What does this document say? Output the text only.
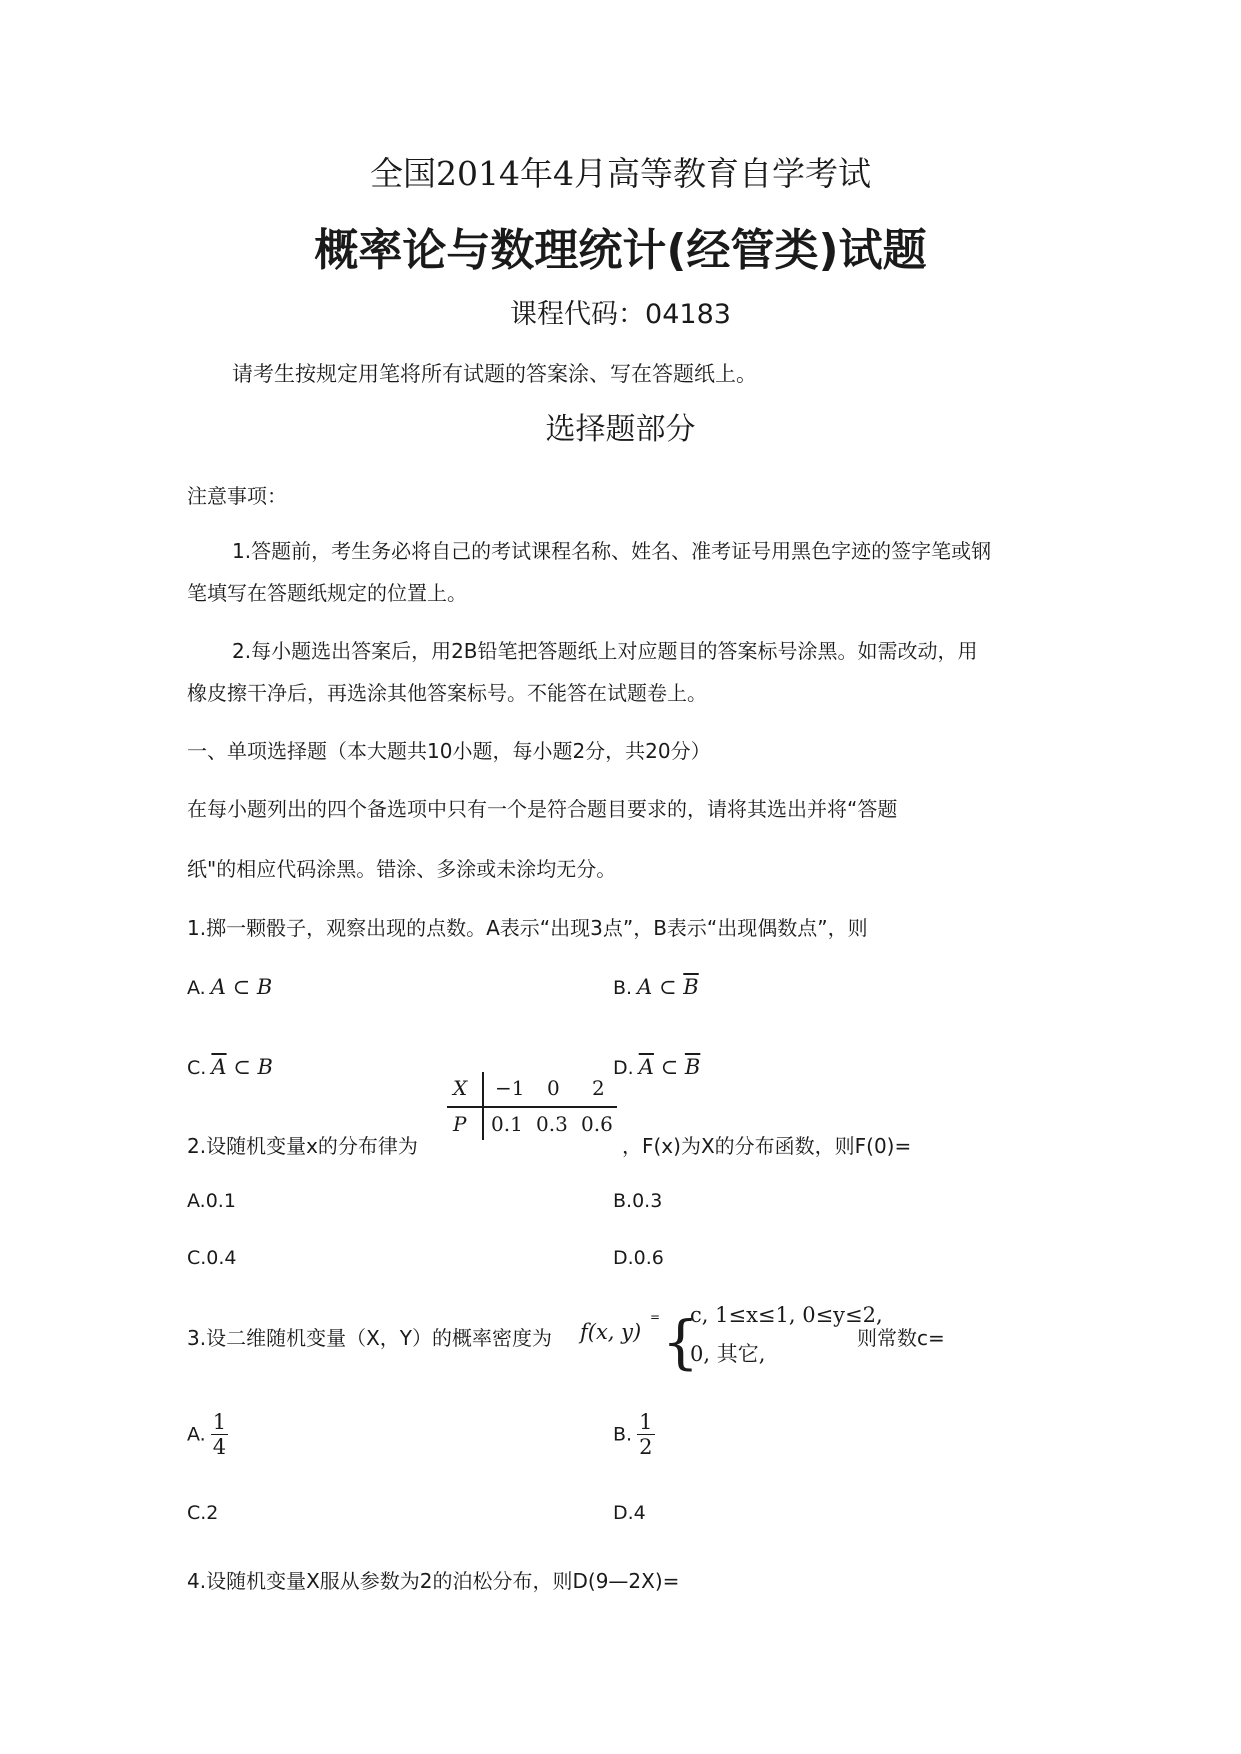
全国2014年4月高等教育自学考试
概率论与数理统计(经管类)试题
课程代码：04183
请考生按规定用笔将所有试题的答案涂、写在答题纸上。
选择题部分
注意事项：
1.答题前，考生务必将自己的考试课程名称、姓名、准考证号用黑色字迹的签字笔或钢
笔填写在答题纸规定的位置上。
2.每小题选出答案后，用2B铅笔把答题纸上对应题目的答案标号涂黑。如需改动，用
橡皮擦干净后，再选涂其他答案标号。不能答在试题卷上。
一、单项选择题（本大题共10小题，每小题2分，共20分）
在每小题列出的四个备选项中只有一个是符合题目要求的，请将其选出并将“答题
纸"的相应代码涂黑。错涂、多涂或未涂均无分。
1.掷一颗骰子，观察出现的点数。A表示“出现3点”，B表示“出现偶数点”，则
A. A ⊂ B	B. A ⊂ $\overline{B}$
C. $\overline{A}$ ⊂ B	D. $\overline{A}$ ⊂ $\overline{B}$
X −1 0 2
P 0.1 0.3 0.6
2.设随机变量x的分布律为	，F(x)为X的分布函数，则F(0)=
A.0.1	B.0.3
C.0.4	D.0.6
3.设二维随机变量（X，Y）的概率密度为 f(x, y)
= {
c, 1≤x≤1, 0≤y≤2,
0, 其它,
则常数c=
A. $\frac{1}{4}$	B. $\frac{1}{2}$
C.2	D.4
4.设随机变量X服从参数为2的泊松分布，则D(9—2X)=
